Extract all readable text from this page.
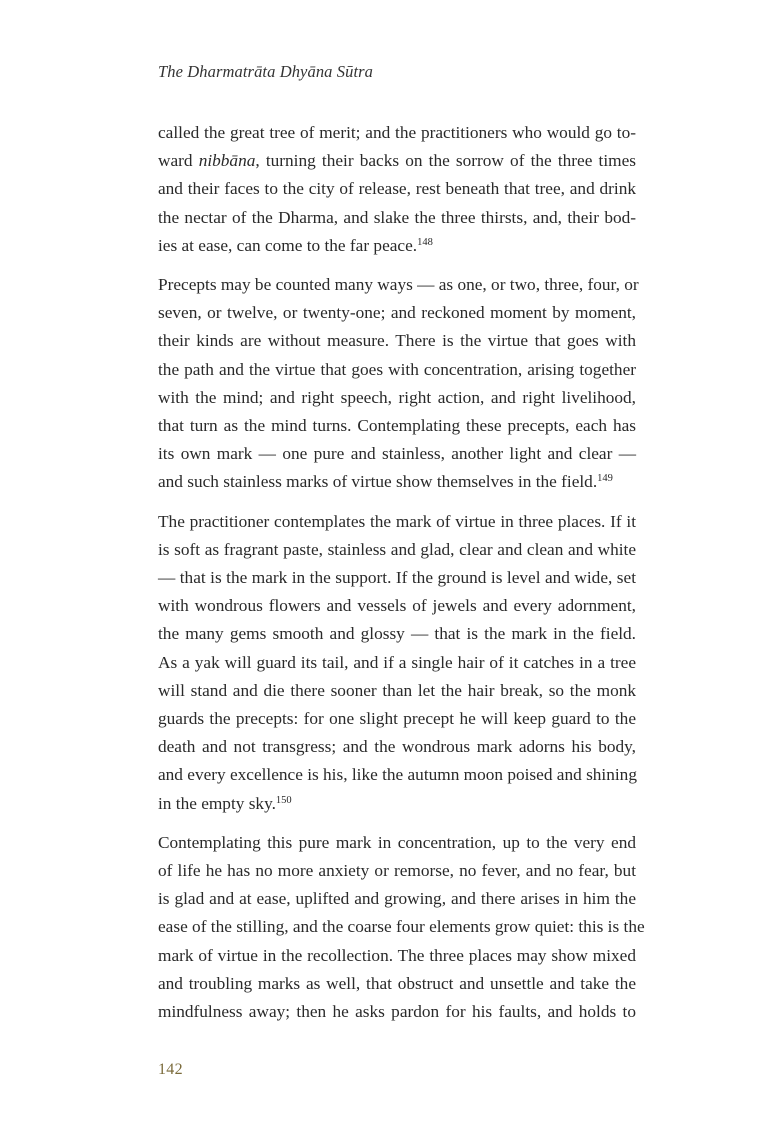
The Dharmatrāta Dhyāna Sūtra

called the great tree of merit; and the practitioners who would go to-
ward nibbāna, turning their backs on the sorrow of the three times
and their faces to the city of release, rest beneath that tree, and drink
the nectar of the Dharma, and slake the three thirsts, and, their bod-
ies at ease, can come to the far peace.$^{148}$

Precepts may be counted many ways — as one, or two, three, four, or
seven, or twelve, or twenty-one; and reckoned moment by moment,
their kinds are without measure. There is the virtue that goes with
the path and the virtue that goes with concentration, arising together
with the mind; and right speech, right action, and right livelihood,
that turn as the mind turns. Contemplating these precepts, each has
its own mark — one pure and stainless, another light and clear —
and such stainless marks of virtue show themselves in the field.$^{149}$

The practitioner contemplates the mark of virtue in three places. If it
is soft as fragrant paste, stainless and glad, clear and clean and white
— that is the mark in the support. If the ground is level and wide, set
with wondrous flowers and vessels of jewels and every adornment,
the many gems smooth and glossy — that is the mark in the field.
As a yak will guard its tail, and if a single hair of it catches in a tree
will stand and die there sooner than let the hair break, so the monk
guards the precepts: for one slight precept he will keep guard to the
death and not transgress; and the wondrous mark adorns his body,
and every excellence is his, like the autumn moon poised and shining
in the empty sky.$^{150}$

Contemplating this pure mark in concentration, up to the very end
of life he has no more anxiety or remorse, no fever, and no fear, but
is glad and at ease, uplifted and growing, and there arises in him the
ease of the stilling, and the coarse four elements grow quiet: this is the
mark of virtue in the recollection. The three places may show mixed
and troubling marks as well, that obstruct and unsettle and take the
mindfulness away; then he asks pardon for his faults, and holds to

142
